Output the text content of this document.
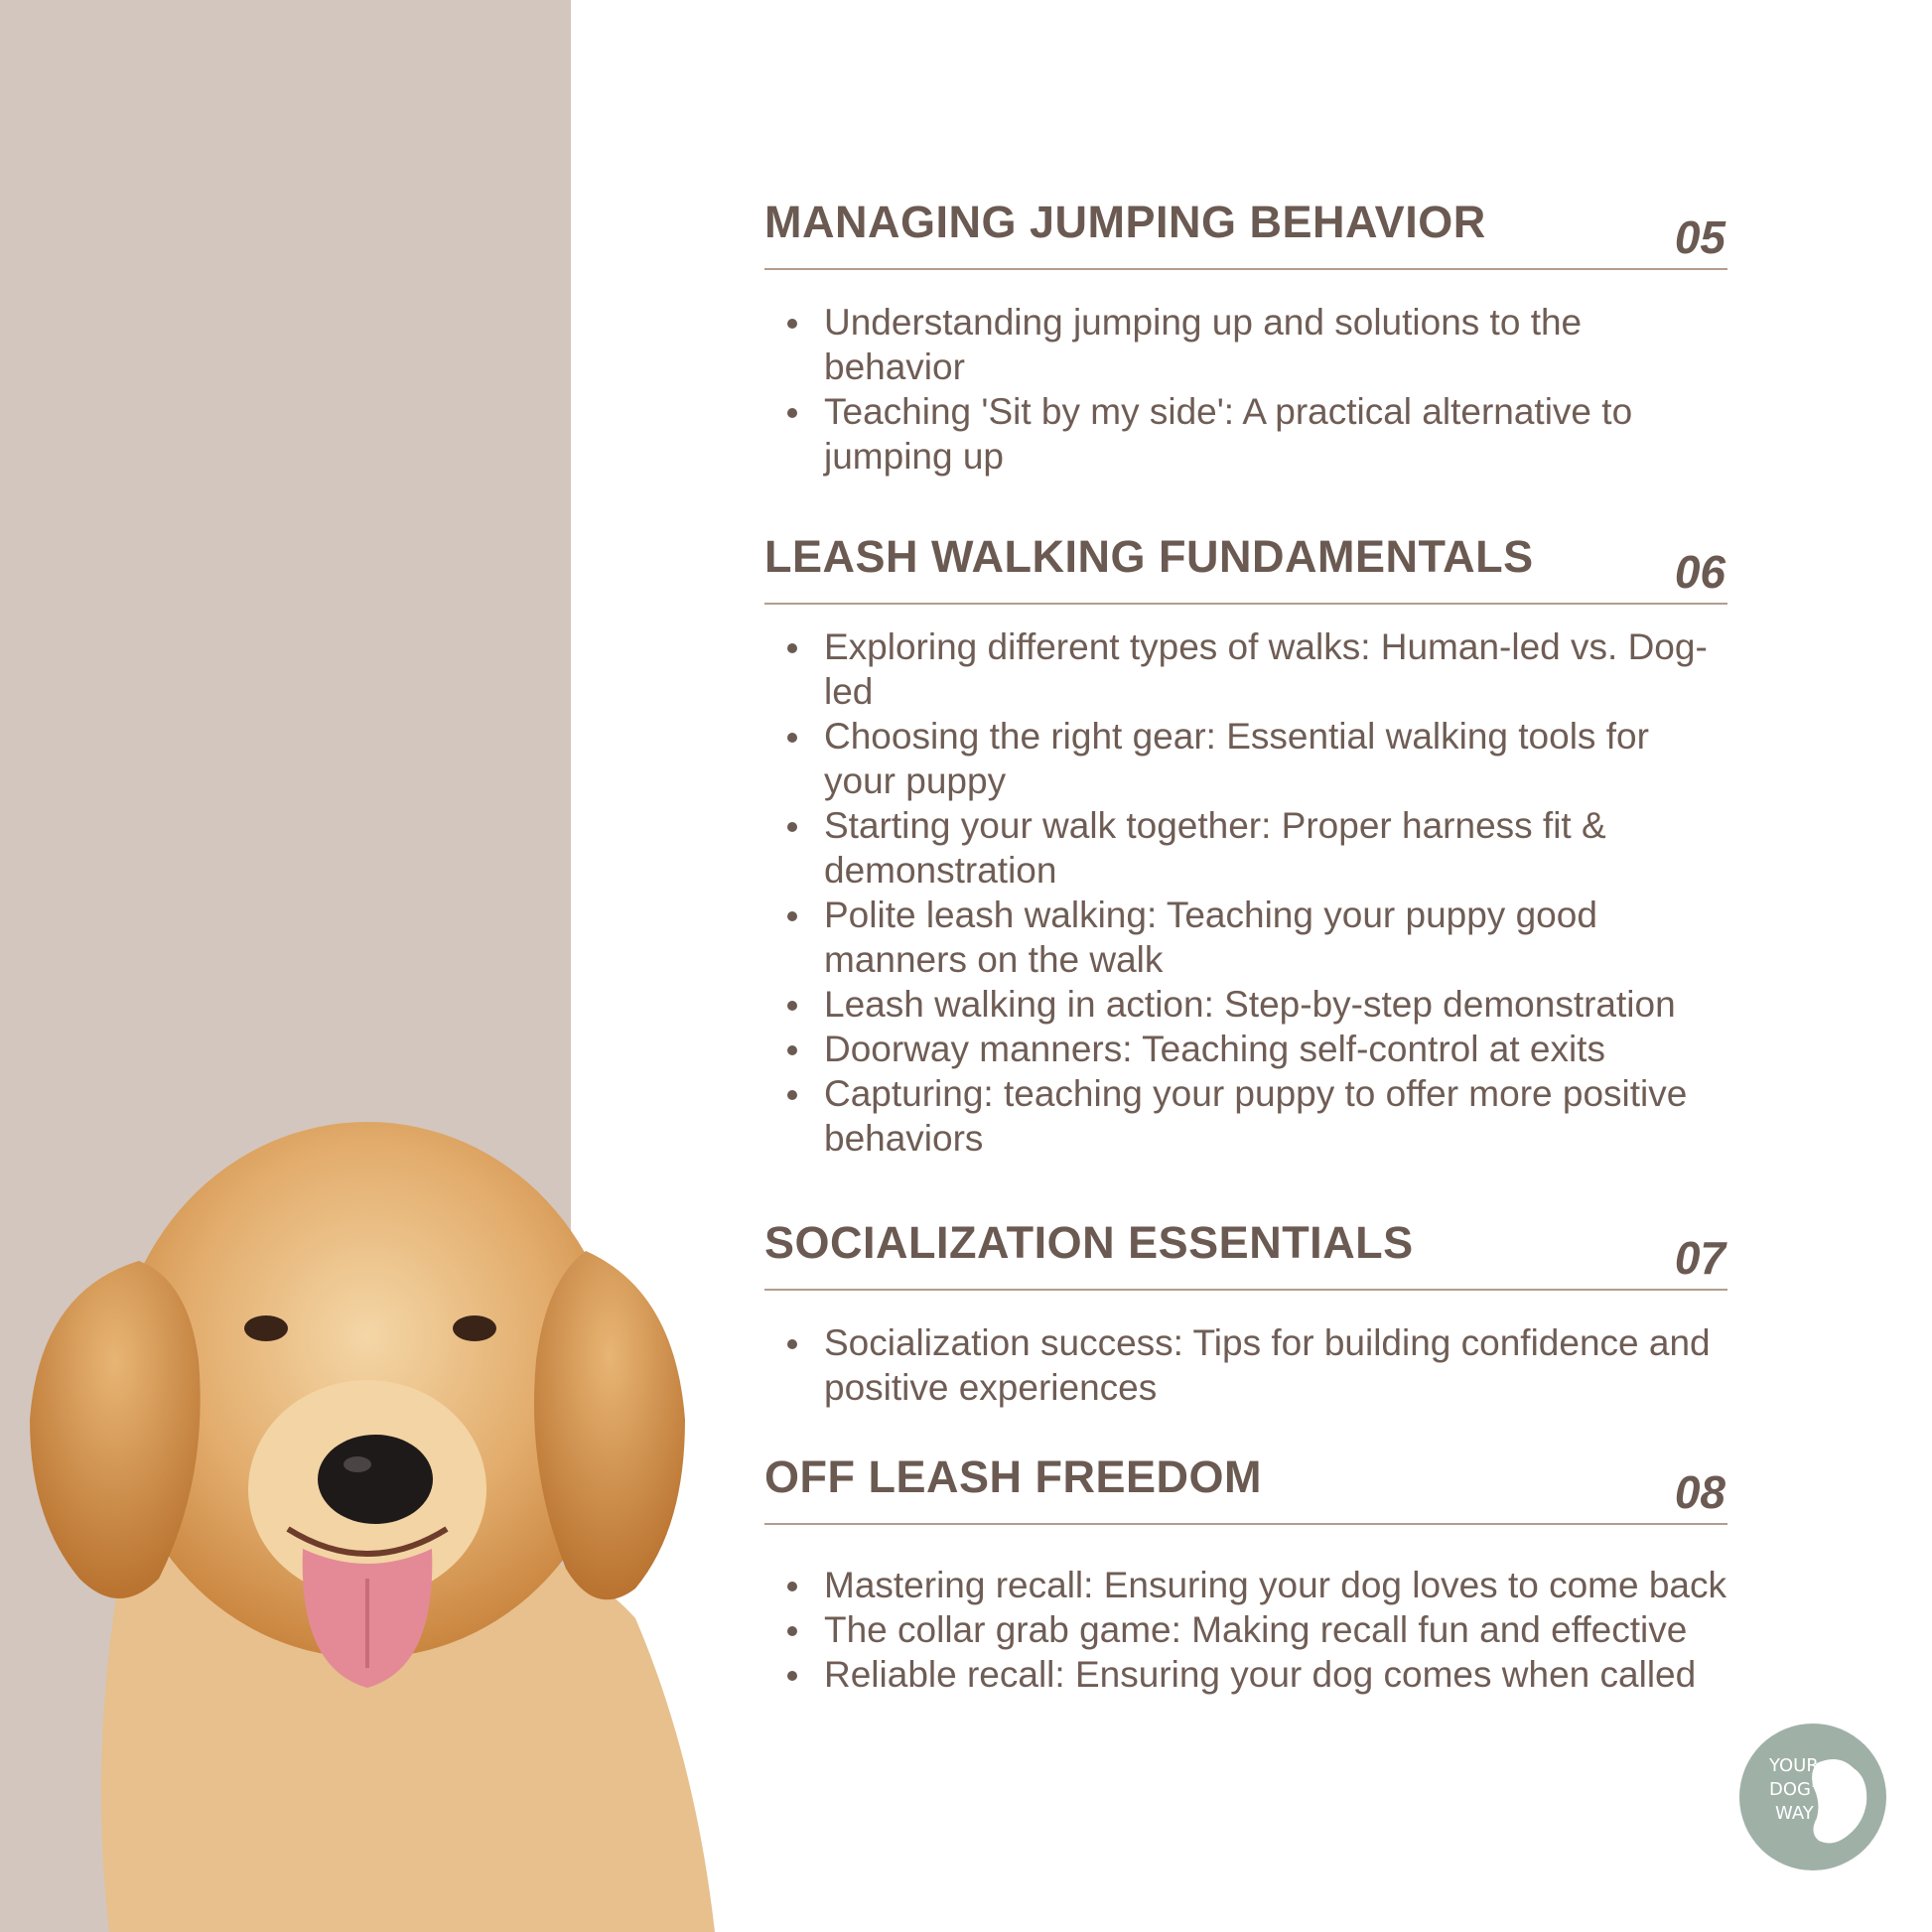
MANAGING JUMPING BEHAVIOR	05
Understanding jumping up and solutions to the behavior
Teaching 'Sit by my side': A practical alternative to jumping up
LEASH WALKING FUNDAMENTALS	06
Exploring different types of walks: Human-led vs. Dog-led
Choosing the right gear: Essential walking tools for your puppy
Starting your walk together: Proper harness fit & demonstration
Polite leash walking: Teaching your puppy good manners on the walk
Leash walking in action: Step-by-step demonstration
Doorway manners: Teaching self-control at exits
Capturing: teaching your puppy to offer more positive behaviors
SOCIALIZATION ESSENTIALS	07
Socialization success: Tips for building confidence and positive experiences
OFF LEASH FREEDOM	08
Mastering recall: Ensuring your dog loves to come back
The collar grab game: Making recall fun and effective
Reliable recall: Ensuring your dog comes when called
YOUR
DOG'S
WAY
